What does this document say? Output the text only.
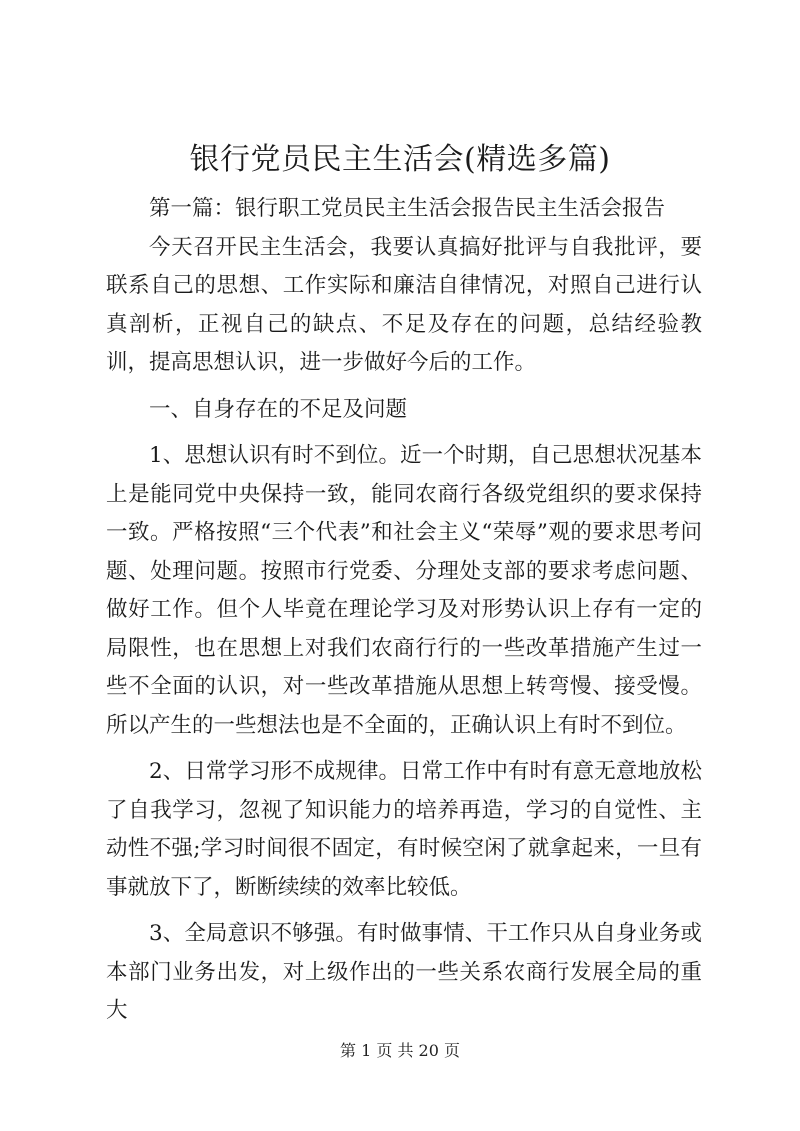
银行党员民主生活会(精选多篇)

第一篇：银行职工党员民主生活会报告民主生活会报告

今天召开民主生活会，我要认真搞好批评与自我批评，要联系自己的思想、工作实际和廉洁自律情况，对照自己进行认真剖析，正视自己的缺点、不足及存在的问题，总结经验教训，提高思想认识，进一步做好今后的工作。

一、自身存在的不足及问题

1、思想认识有时不到位。近一个时期，自己思想状况基本上是能同党中央保持一致，能同农商行各级党组织的要求保持一致。严格按照“三个代表”和社会主义“荣辱”观的要求思考问题、处理问题。按照市行党委、分理处支部的要求考虑问题、做好工作。但个人毕竟在理论学习及对形势认识上存有一定的局限性，也在思想上对我们农商行行的一些改革措施产生过一些不全面的认识，对一些改革措施从思想上转弯慢、接受慢。所以产生的一些想法也是不全面的，正确认识上有时不到位。

2、日常学习形不成规律。日常工作中有时有意无意地放松了自我学习，忽视了知识能力的培养再造，学习的自觉性、主动性不强;学习时间很不固定，有时候空闲了就拿起来，一旦有事就放下了，断断续续的效率比较低。

3、全局意识不够强。有时做事情、干工作只从自身业务或本部门业务出发，对上级作出的一些关系农商行发展全局的重大

第 1 页 共 20 页
